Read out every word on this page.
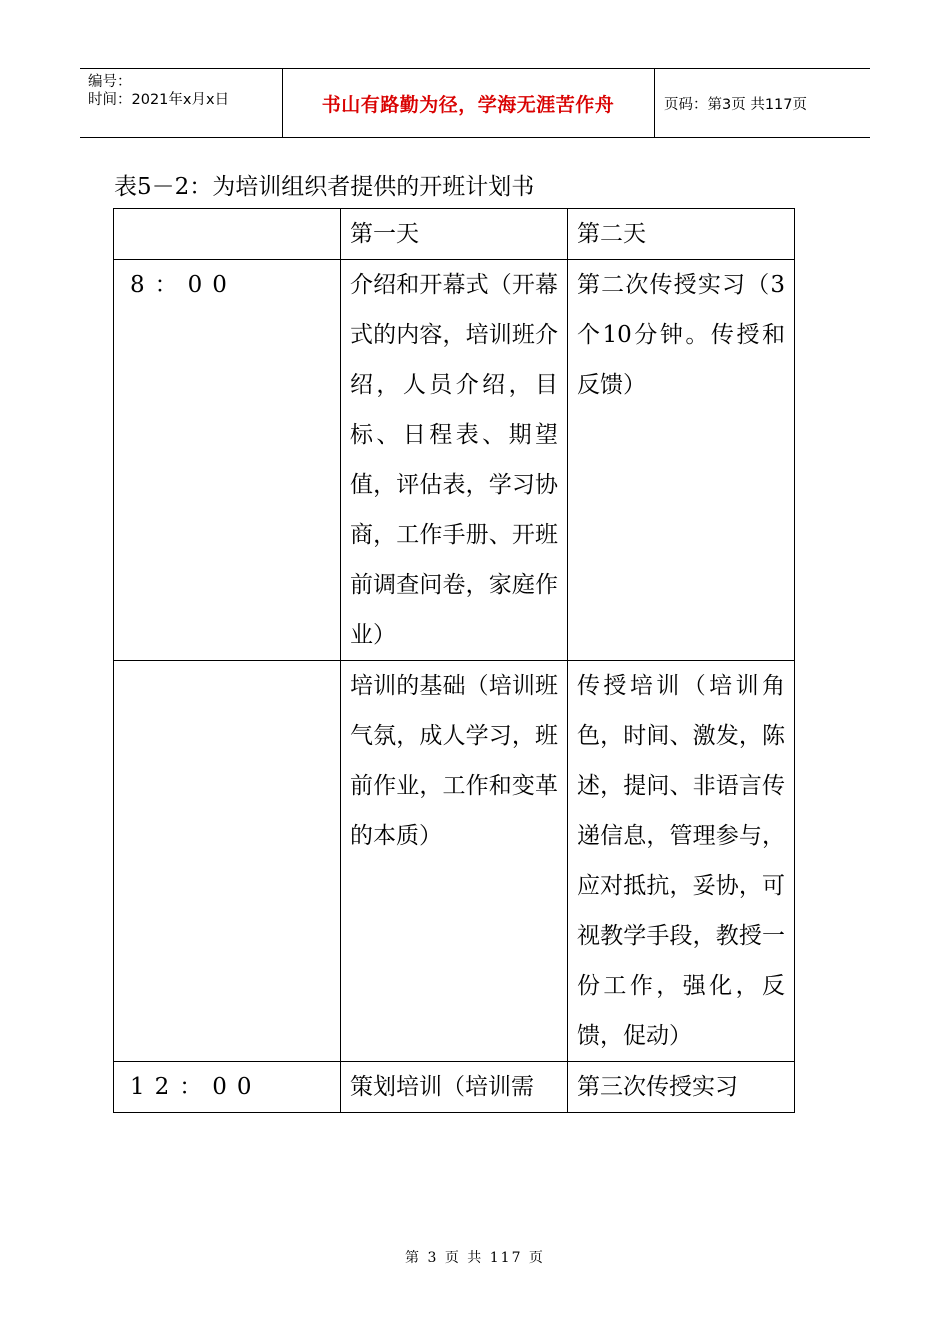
编号：
时间：2021年x月x日	书山有路勤为径，学海无涯苦作舟	页码：第3页 共117页
表5－2：为培训组织者提供的开班计划书
	第一天	第二天
8：00	介绍和开幕式（开幕式的内容，培训班介绍，人员介绍，目标、日程表、期望值，评估表，学习协商，工作手册、开班前调查问卷，家庭作业）	第二次传授实习（3个10分钟。传授和反馈）
	培训的基础（培训班气氛，成人学习，班前作业，工作和变革的本质）	传授培训（培训角色，时间、激发，陈述，提问、非语言传递信息，管理参与，应对抵抗，妥协，可视教学手段，教授一份工作，强化，反馈，促动）
12：00	策划培训（培训需	第三次传授实习
第 3 页 共 117 页
